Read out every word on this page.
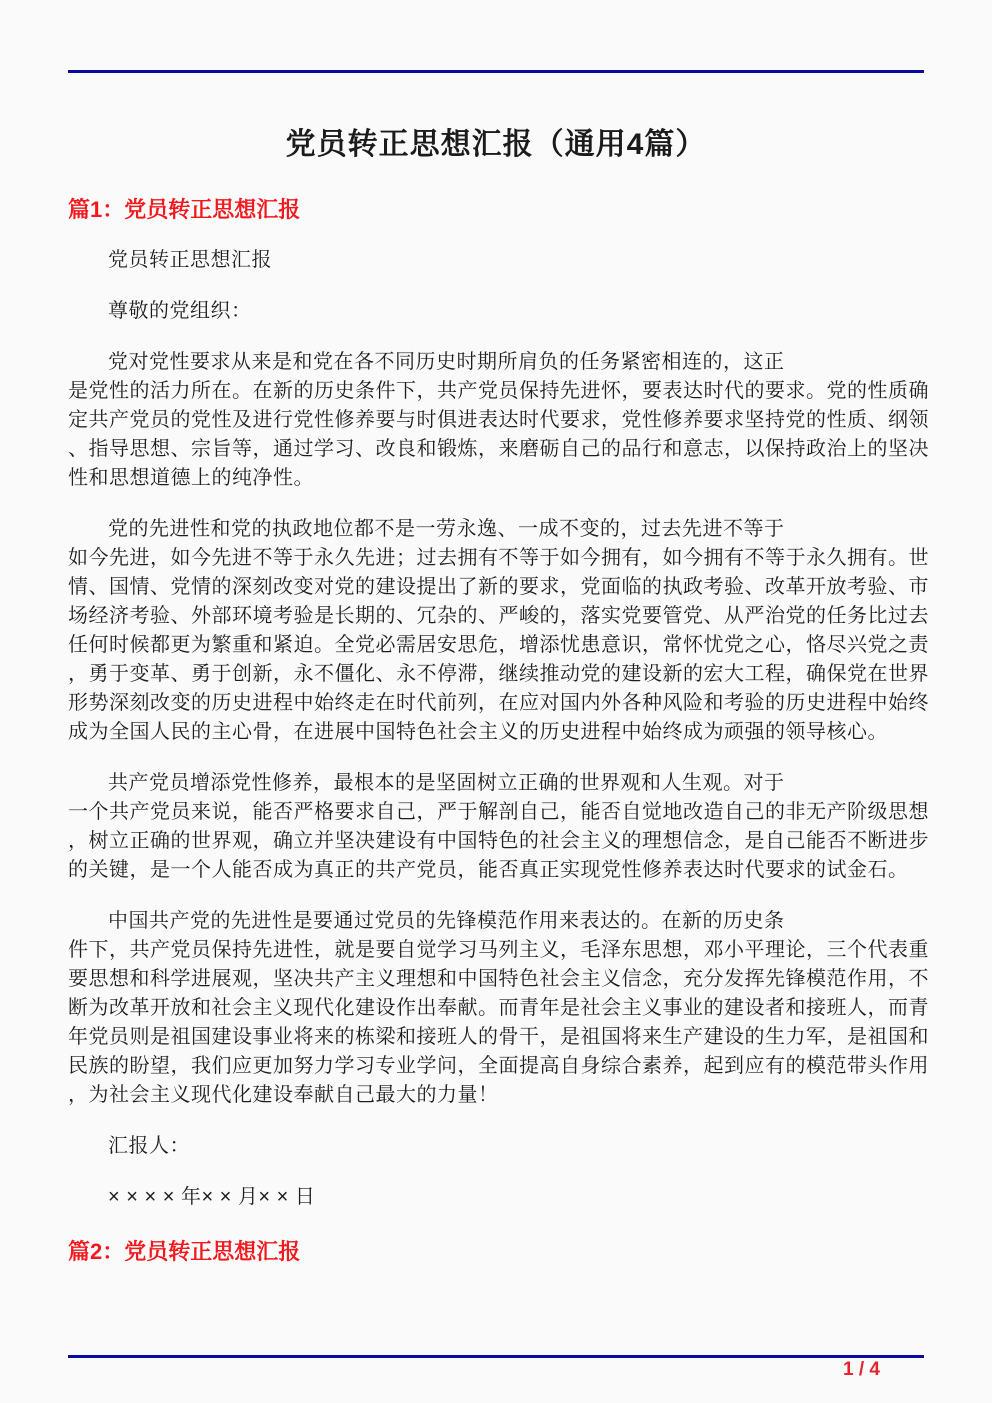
党员转正思想汇报（通用4篇）
篇1：党员转正思想汇报
党员转正思想汇报
尊敬的党组织：
党对党性要求从来是和党在各不同历史时期所肩负的任务紧密相连的，这正
是党性的活力所在。在新的历史条件下，共产党员保持先进怀，要表达时代的要求。党的性质确
定共产党员的党性及进行党性修养要与时俱进表达时代要求，党性修养要求坚持党的性质、纲领
、指导思想、宗旨等，通过学习、改良和锻炼，来磨砺自己的品行和意志，以保持政治上的坚决
性和思想道德上的纯净性。
党的先进性和党的执政地位都不是一劳永逸、一成不变的，过去先进不等于
如今先进，如今先进不等于永久先进；过去拥有不等于如今拥有，如今拥有不等于永久拥有。世
情、国情、党情的深刻改变对党的建设提出了新的要求，党面临的执政考验、改革开放考验、市
场经济考验、外部环境考验是长期的、冗杂的、严峻的，落实党要管党、从严治党的任务比过去
任何时候都更为繁重和紧迫。全党必需居安思危，增添忧患意识，常怀忧党之心，恪尽兴党之责
，勇于变革、勇于创新，永不僵化、永不停滞，继续推动党的建设新的宏大工程，确保党在世界
形势深刻改变的历史进程中始终走在时代前列，在应对国内外各种风险和考验的历史进程中始终
成为全国人民的主心骨，在进展中国特色社会主义的历史进程中始终成为顽强的领导核心。
共产党员增添党性修养，最根本的是坚固树立正确的世界观和人生观。对于
一个共产党员来说，能否严格要求自己，严于解剖自己，能否自觉地改造自己的非无产阶级思想
，树立正确的世界观，确立并坚决建设有中国特色的社会主义的理想信念，是自己能否不断进步
的关键，是一个人能否成为真正的共产党员，能否真正实现党性修养表达时代要求的试金石。
中国共产党的先进性是要通过党员的先锋模范作用来表达的。在新的历史条
件下，共产党员保持先进性，就是要自觉学习马列主义，毛泽东思想，邓小平理论，三个代表重
要思想和科学进展观，坚决共产主义理想和中国特色社会主义信念，充分发挥先锋模范作用，不
断为改革开放和社会主义现代化建设作出奉献。而青年是社会主义事业的建设者和接班人，而青
年党员则是祖国建设事业将来的栋梁和接班人的骨干，是祖国将来生产建设的生力军，是祖国和
民族的盼望，我们应更加努力学习专业学问，全面提高自身综合素养，起到应有的模范带头作用
，为社会主义现代化建设奉献自己最大的力量！
汇报人：
× × × × 年× × 月× × 日
篇2：党员转正思想汇报
1 / 4
